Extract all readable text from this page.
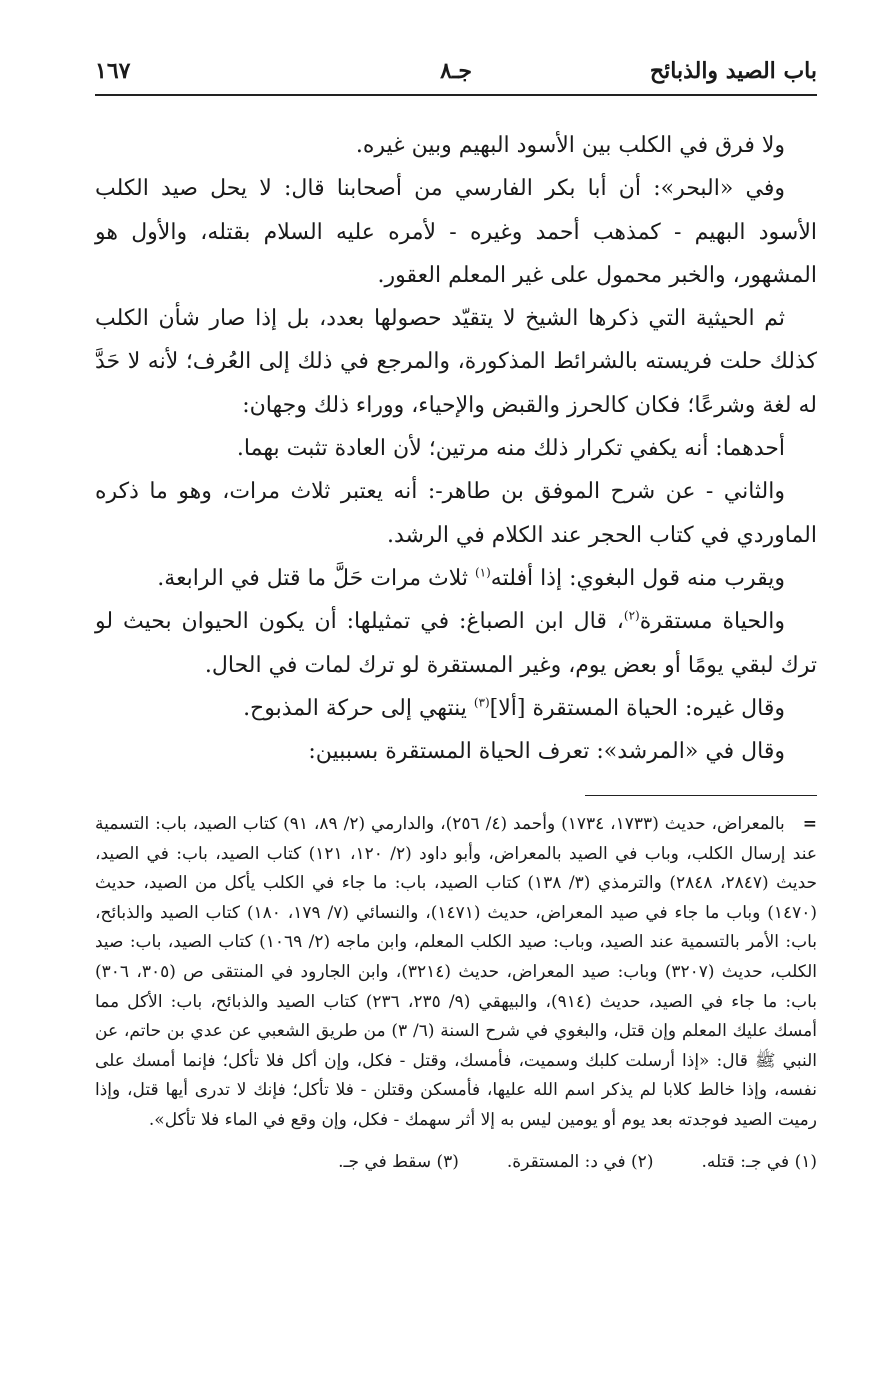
باب الصيد والذبائح
جـ٨
١٦٧

ولا فرق في الكلب بين الأسود البهيم وبين غيره.

وفي «البحر»: أن أبا بكر الفارسي من أصحابنا قال: لا يحل صيد الكلب الأسود البهيم - كمذهب أحمد وغيره - لأمره عليه السلام بقتله، والأول هو المشهور، والخبر محمول على غير المعلم العقور.

ثم الحيثية التي ذكرها الشيخ لا يتقيّد حصولها بعدد، بل إذا صار شأن الكلب كذلك حلت فريسته بالشرائط المذكورة، والمرجع في ذلك إلى العُرف؛ لأنه لا حَدَّ له لغة وشرعًا؛ فكان كالحرز والقبض والإحياء، ووراء ذلك وجهان:

أحدهما: أنه يكفي تكرار ذلك منه مرتين؛ لأن العادة تثبت بهما.

والثاني - عن شرح الموفق بن طاهر-: أنه يعتبر ثلاث مرات، وهو ما ذكره الماوردي في كتاب الحجر عند الكلام في الرشد.

ويقرب منه قول البغوي: إذا أفلته$^{(١)}$ ثلاث مرات حَلَّ ما قتل في الرابعة.

والحياة مستقرة$^{(٢)}$، قال ابن الصباغ: في تمثيلها: أن يكون الحيوان بحيث لو ترك لبقي يومًا أو بعض يوم، وغير المستقرة لو ترك لمات في الحال.

وقال غيره: الحياة المستقرة [ألا]$^{(٣)}$ ينتهي إلى حركة المذبوح.

وقال في «المرشد»: تعرف الحياة المستقرة بسببين:

=بالمعراض، حديث (١٧٣٣، ١٧٣٤) وأحمد (٤/ ٢٥٦)، والدارمي (٢/ ٨٩، ٩١) كتاب الصيد، باب: التسمية عند إرسال الكلب، وباب في الصيد بالمعراض، وأبو داود (٢/ ١٢٠، ١٢١) كتاب الصيد، باب: في الصيد، حديث (٢٨٤٧، ٢٨٤٨) والترمذي (٣/ ١٣٨) كتاب الصيد، باب: ما جاء في الكلب يأكل من الصيد، حديث (١٤٧٠) وباب ما جاء في صيد المعراض، حديث (١٤٧١)، والنسائي (٧/ ١٧٩، ١٨٠) كتاب الصيد والذبائح، باب: الأمر بالتسمية عند الصيد، وباب: صيد الكلب المعلم، وابن ماجه (٢/ ١٠٦٩) كتاب الصيد، باب: صيد الكلب، حديث (٣٢٠٧) وباب: صيد المعراض، حديث (٣٢١٤)، وابن الجارود في المنتقى ص (٣٠٥، ٣٠٦) باب: ما جاء في الصيد، حديث (٩١٤)، والبيهقي (٩/ ٢٣٥، ٢٣٦) كتاب الصيد والذبائح، باب: الأكل مما أمسك عليك المعلم وإن قتل، والبغوي في شرح السنة (٦/ ٣) من طريق الشعبي عن عدي بن حاتم، عن النبي ﷺ قال: «إذا أرسلت كلبك وسميت، فأمسك، وقتل - فكل، وإن أكل فلا تأكل؛ فإنما أمسك على نفسه، وإذا خالط كلابا لم يذكر اسم الله عليها، فأمسكن وقتلن - فلا تأكل؛ فإنك لا تدرى أيها قتل، وإذا رميت الصيد فوجدته بعد يوم أو يومين ليس به إلا أثر سهمك - فكل، وإن وقع في الماء فلا تأكل».

(١) في جـ: قتله.(٢) في د: المستقرة.(٣) سقط في جـ.
